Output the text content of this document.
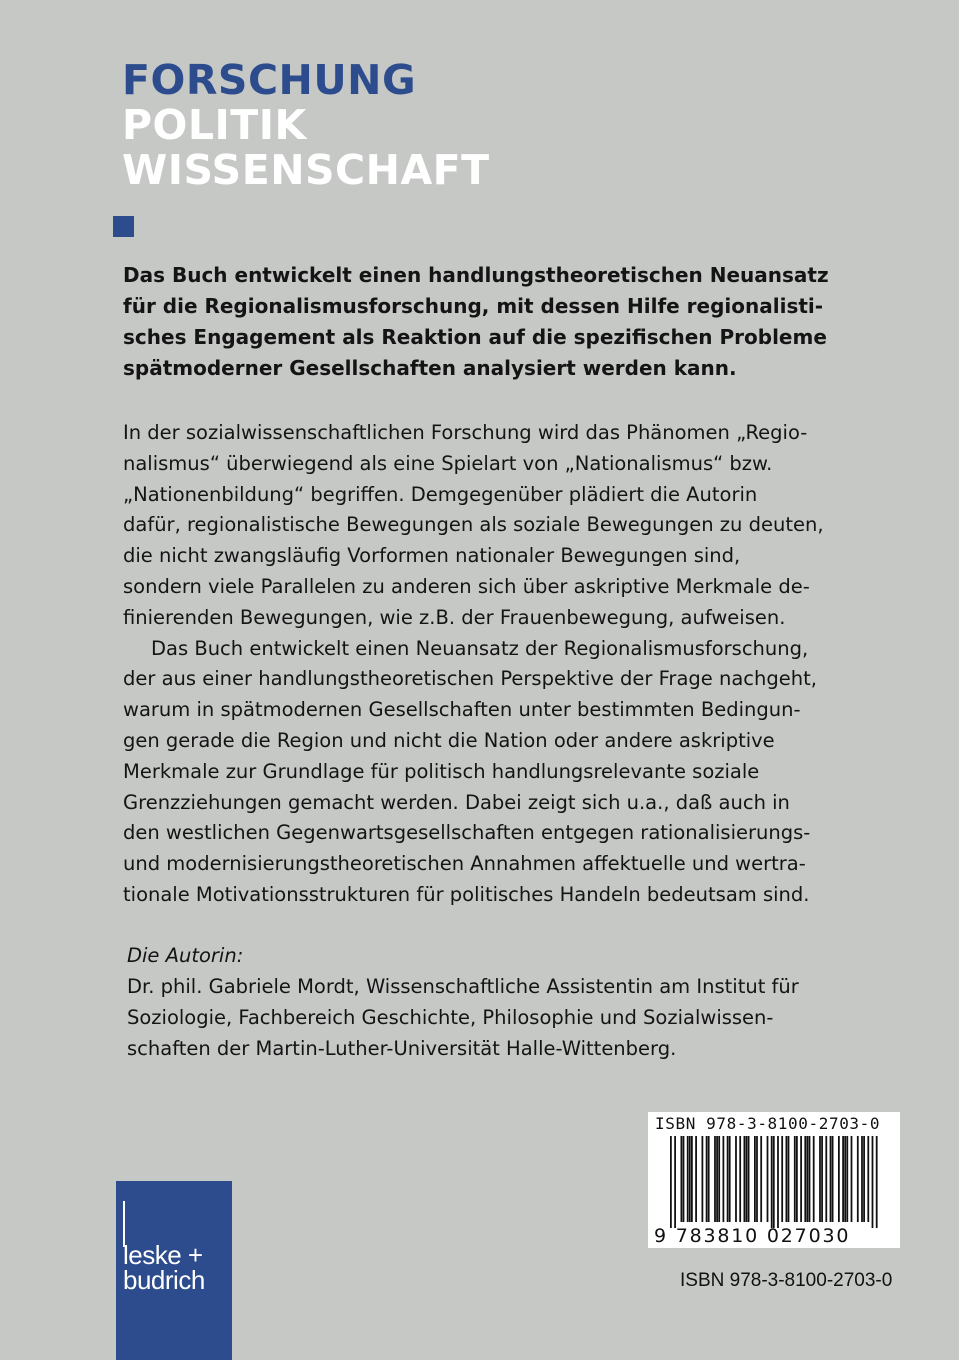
FORSCHUNG
POLITIK
WISSENSCHAFT
Das Buch entwickelt einen handlungstheoretischen Neuansatz
für die Regionalismusforschung, mit dessen Hilfe regionalisti-
sches Engagement als Reaktion auf die spezifischen Probleme
spätmoderner Gesellschaften analysiert werden kann.

In der sozialwissenschaftlichen Forschung wird das Phänomen „Regio-
nalismus“ überwiegend als eine Spielart von „Nationalismus“ bzw.
„Nationenbildung“ begriffen. Demgegenüber plädiert die Autorin
dafür, regionalistische Bewegungen als soziale Bewegungen zu deuten,
die nicht zwangsläufig Vorformen nationaler Bewegungen sind,
sondern viele Parallelen zu anderen sich über askriptive Merkmale de-
finierenden Bewegungen, wie z.B. der Frauenbewegung, aufweisen.

Das Buch entwickelt einen Neuansatz der Regionalismusforschung,
der aus einer handlungstheoretischen Perspektive der Frage nachgeht,
warum in spätmodernen Gesellschaften unter bestimmten Bedingun-
gen gerade die Region und nicht die Nation oder andere askriptive
Merkmale zur Grundlage für politisch handlungsrelevante soziale
Grenzziehungen gemacht werden. Dabei zeigt sich u.a., daß auch in
den westlichen Gegenwartsgesellschaften entgegen rationalisierungs-
und modernisierungstheoretischen Annahmen affektuelle und wertra-
tionale Motivationsstrukturen für politisches Handeln bedeutsam sind.

Die Autorin:
Dr. phil. Gabriele Mordt, Wissenschaftliche Assistentin am Institut für
Soziologie, Fachbereich Geschichte, Philosophie und Sozialwissen-
schaften der Martin-Luther-Universität Halle-Wittenberg.
ISBN 978-3-8100-2703-0
9 783810 027030
ISBN 978-3-8100-2703-0
leske +
budrich
